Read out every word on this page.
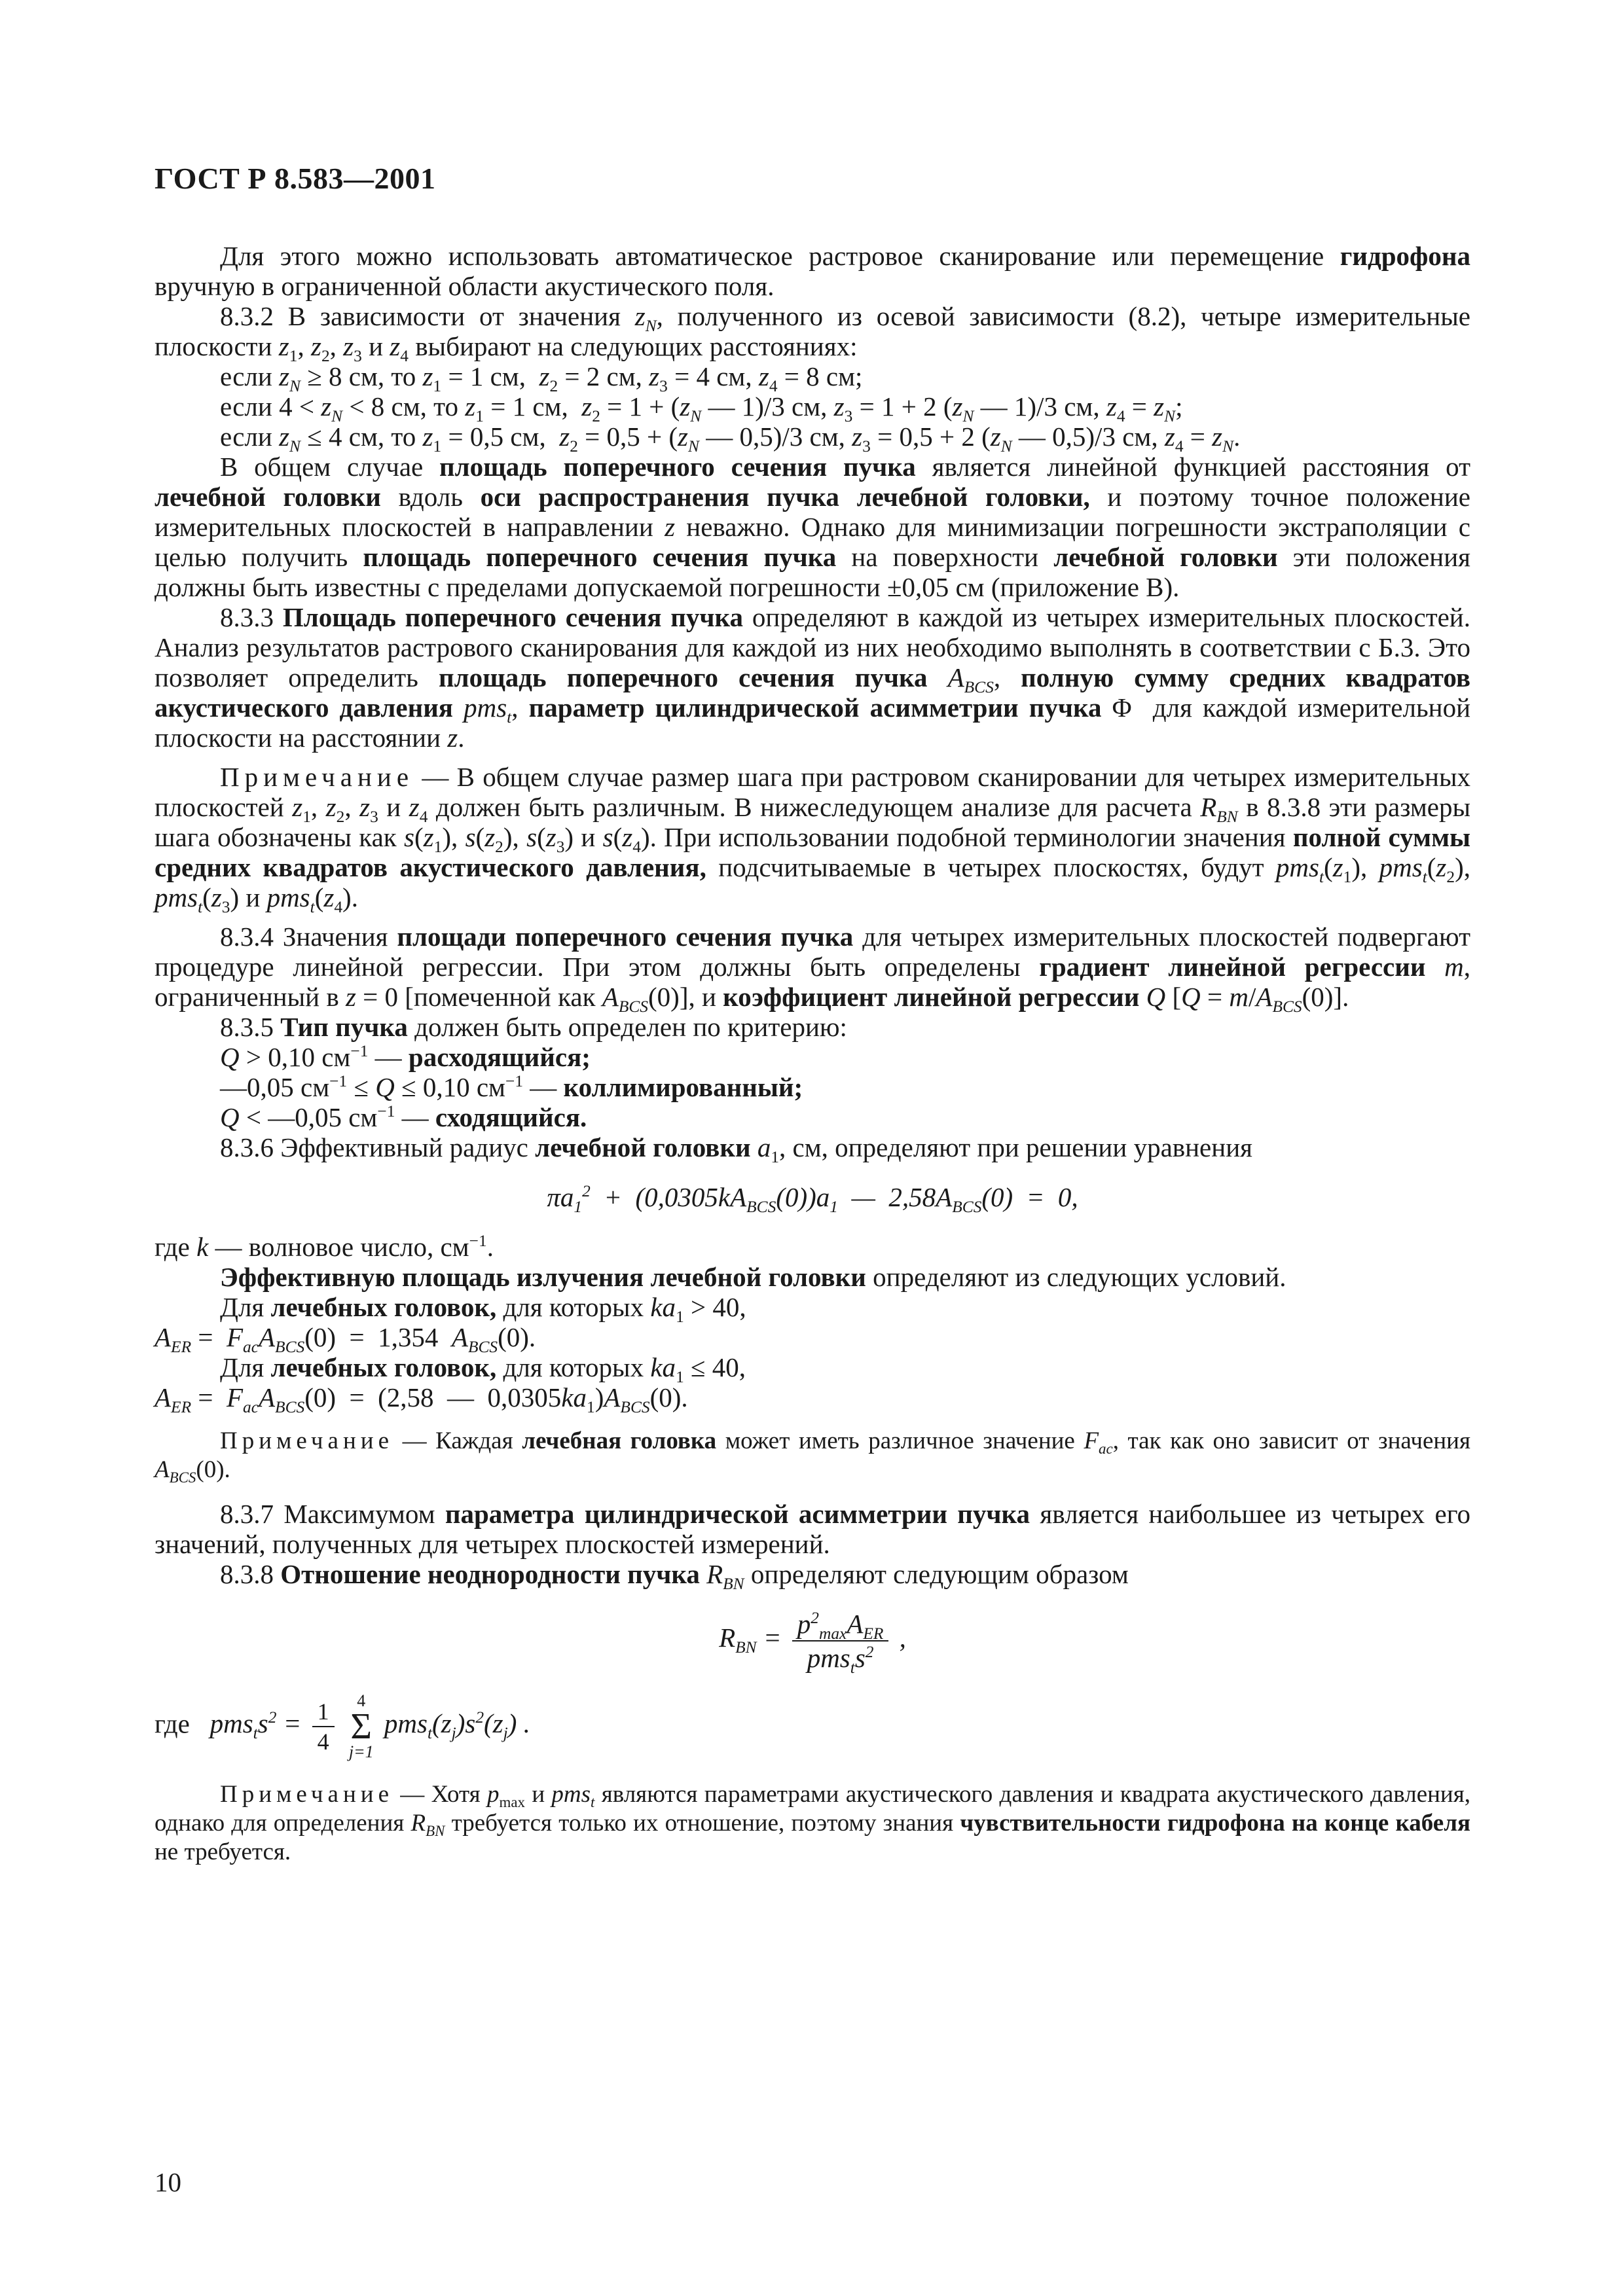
ГОСТ Р 8.583—2001

Для этого можно использовать автоматическое растровое сканирование или перемещение гидрофона вручную в ограниченной области акустического поля.

8.3.2 В зависимости от значения $z_N$, полученного из осевой зависимости (8.2), четыре измерительные плоскости $z_1$, $z_2$, $z_3$ и $z_4$ выбирают на следующих расстояниях:

если $z_N \ge 8$ см, то $z_1 = 1$ см,  $z_2 = 2$ см, $z_3 = 4$ см, $z_4 = 8$ см;

если $4 < z_N < 8$ см, то $z_1 = 1$ см,  $z_2 = 1 + (z_N$ — 1)/3 см, $z_3 = 1 + 2$ ($z_N$ — 1)/3 см, $z_4 = z_N$;

если $z_N \le 4$ см, то $z_1 = 0,5$ см,  $z_2 = 0,5 + (z_N$ — 0,5)/3 см, $z_3 = 0,5 + 2$ ($z_N$ — 0,5)/3 см, $z_4 = z_N$.

В общем случае площадь поперечного сечения пучка является линейной функцией расстояния от лечебной головки вдоль оси распространения пучка лечебной головки, и поэтому точное положение измерительных плоскостей в направлении z неважно. Однако для минимизации погрешности экстраполяции с целью получить площадь поперечного сечения пучка на поверхности лечебной головки эти положения должны быть известны с пределами допускаемой погрешности ±0,05 см (приложение В).

8.3.3 Площадь поперечного сечения пучка определяют в каждой из четырех измерительных плоскостей. Анализ результатов растрового сканирования для каждой из них необходимо выполнять в соответствии с Б.3. Это позволяет определить площадь поперечного сечения пучка $A_{BCS}$, полную сумму средних квадратов акустического давления pms$_t$, параметр цилиндрической асимметрии пучка Φ  для каждой измерительной плоскости на расстоянии z.

Примечание — В общем случае размер шага при растровом сканировании для четырех измерительных плоскостей $z_1$, $z_2$, $z_3$ и $z_4$ должен быть различным. В нижеследующем анализе для расчета $R_{BN}$ в 8.3.8 эти размеры шага обозначены как $s(z_1)$, $s(z_2)$, $s(z_3)$ и $s(z_4)$. При использовании подобной терминологии значения полной суммы средних квадратов акустического давления, подсчитываемые в четырех плоскостях, будут $pms_t(z_1)$, $pms_t(z_2)$, $pms_t(z_3)$ и $pms_t(z_4)$.

8.3.4 Значения площади поперечного сечения пучка для четырех измерительных плоскостей подвергают процедуре линейной регрессии. При этом должны быть определены градиент линейной регрессии m, ограниченный в z = 0 [помеченной как $A_{BCS}(0)$], и коэффициент линейной регрессии Q $[Q = m/A_{BCS}(0)]$.

8.3.5 Тип пучка должен быть определен по критерию:

Q > 0,10 $см^{-1}$ — расходящийся;

—0,05 $см^{-1} \le Q \le 0,10$ $см^{-1}$ — коллимированный;

Q < —0,05 $см^{-1}$ — сходящийся.

8.3.6 Эффективный радиус лечебной головки $a_1$, см, определяют при решении уравнения

$\pi a_1^2 + (0,0305kA_{BCS}(0))a_1$  —  $2,58A_{BCS}(0) = 0$,

где k — волновое число, $см^{-1}$.

Эффективную площадь излучения лечебной головки определяют из следующих условий.

Для лечебных головок, для которых $ka_1 > 40$,

$A_{ER} = F_{ac}A_{BCS}(0) = 1,354$  $A_{BCS}(0)$.

Для лечебных головок, для которых $ka_1 \le 40$,

$A_{ER} = F_{ac}A_{BCS}(0) = (2,58$  —  $0,0305ka_1)A_{BCS}(0)$.

Примечание — Каждая лечебная головка может иметь различное значение $F_{ac}$, так как оно зависит от значения $A_{BCS}(0)$.

8.3.7 Максимумом параметра цилиндрической асимметрии пучка является наибольшее из четырех его значений, полученных для четырех плоскостей измерений.

8.3.8 Отношение неоднородности пучка $R_{BN}$ определяют следующим образом

$R_{BN} = \frac{p^2_{max}A_{ER}}{pms_ts^2}$ ,

где $pms_ts^2 = \frac{1}{4}$
	4
Σ
j=1
$pms_t(z_j)s^2(z_j)$ .

Примечание — Хотя $p_{max}$ и pms$_t$ являются параметрами акустического давления и квадрата акустического давления, однако для определения $R_{BN}$ требуется только их отношение, поэтому знания чувствительности гидрофона на конце кабеля не требуется.

10
